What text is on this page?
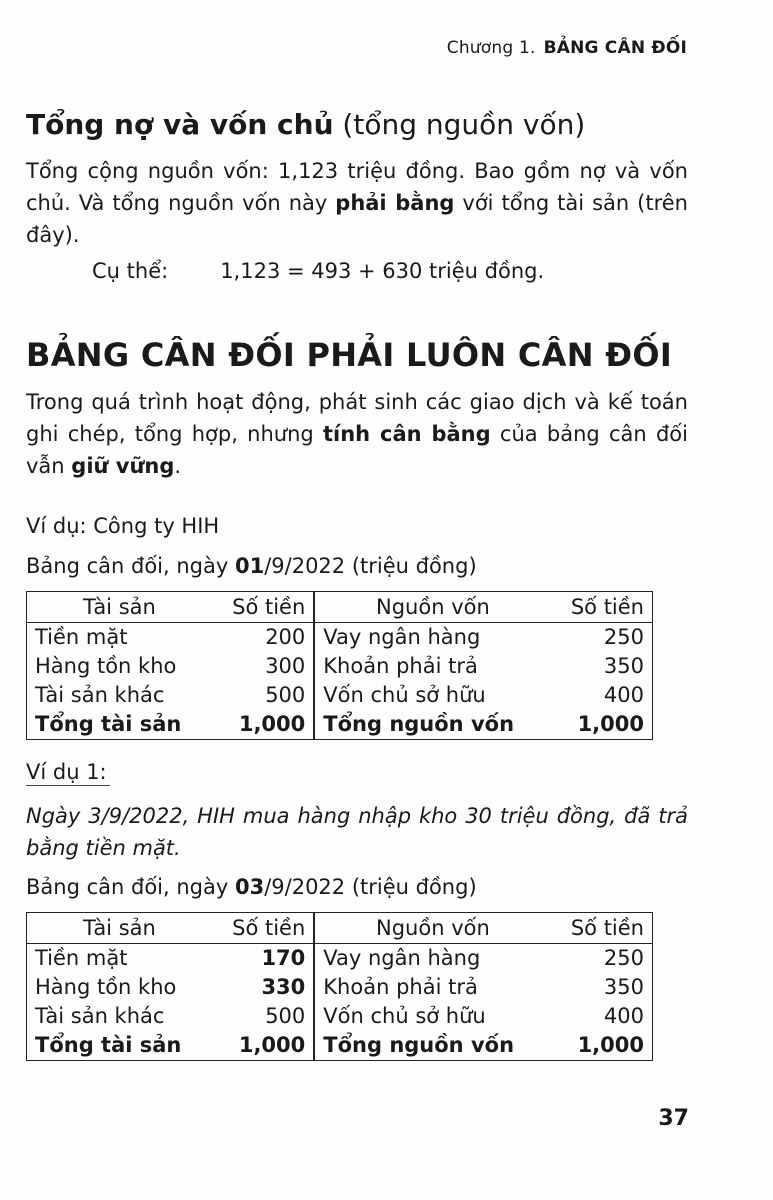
Chương 1. BẢNG CÂN ĐỐI
Tổng nợ và vốn chủ (tổng nguồn vốn)

Tổng cộng nguồn vốn: 1,123 triệu đồng. Bao gồm nợ và vốn chủ. Và tổng nguồn vốn này phải bằng với tổng tài sản (trên đây).

Cụ thể: 1,123 = 493 + 630 triệu đồng.
BẢNG CÂN ĐỐI PHẢI LUÔN CÂN ĐỐI

Trong quá trình hoạt động, phát sinh các giao dịch và kế toán ghi chép, tổng hợp, nhưng tính cân bằng của bảng cân đối vẫn giữ vững.

Ví dụ: Công ty HIH
Bảng cân đối, ngày 01/9/2022 (triệu đồng)
Tài sản	Số tiền	Nguồn vốn	Số tiền
Tiền mặt	200	Vay ngân hàng	250
Hàng tồn kho	300	Khoản phải trả	350
Tài sản khác	500	Vốn chủ sở hữu	400
Tổng tài sản	1,000	Tổng nguồn vốn	1,000
Ví dụ 1:

Ngày 3/9/2022, HIH mua hàng nhập kho 30 triệu đồng, đã trả bằng tiền mặt.

Bảng cân đối, ngày 03/9/2022 (triệu đồng)
Tài sản	Số tiền	Nguồn vốn	Số tiền
Tiền mặt	170	Vay ngân hàng	250
Hàng tồn kho	330	Khoản phải trả	350
Tài sản khác	500	Vốn chủ sở hữu	400
Tổng tài sản	1,000	Tổng nguồn vốn	1,000
37
